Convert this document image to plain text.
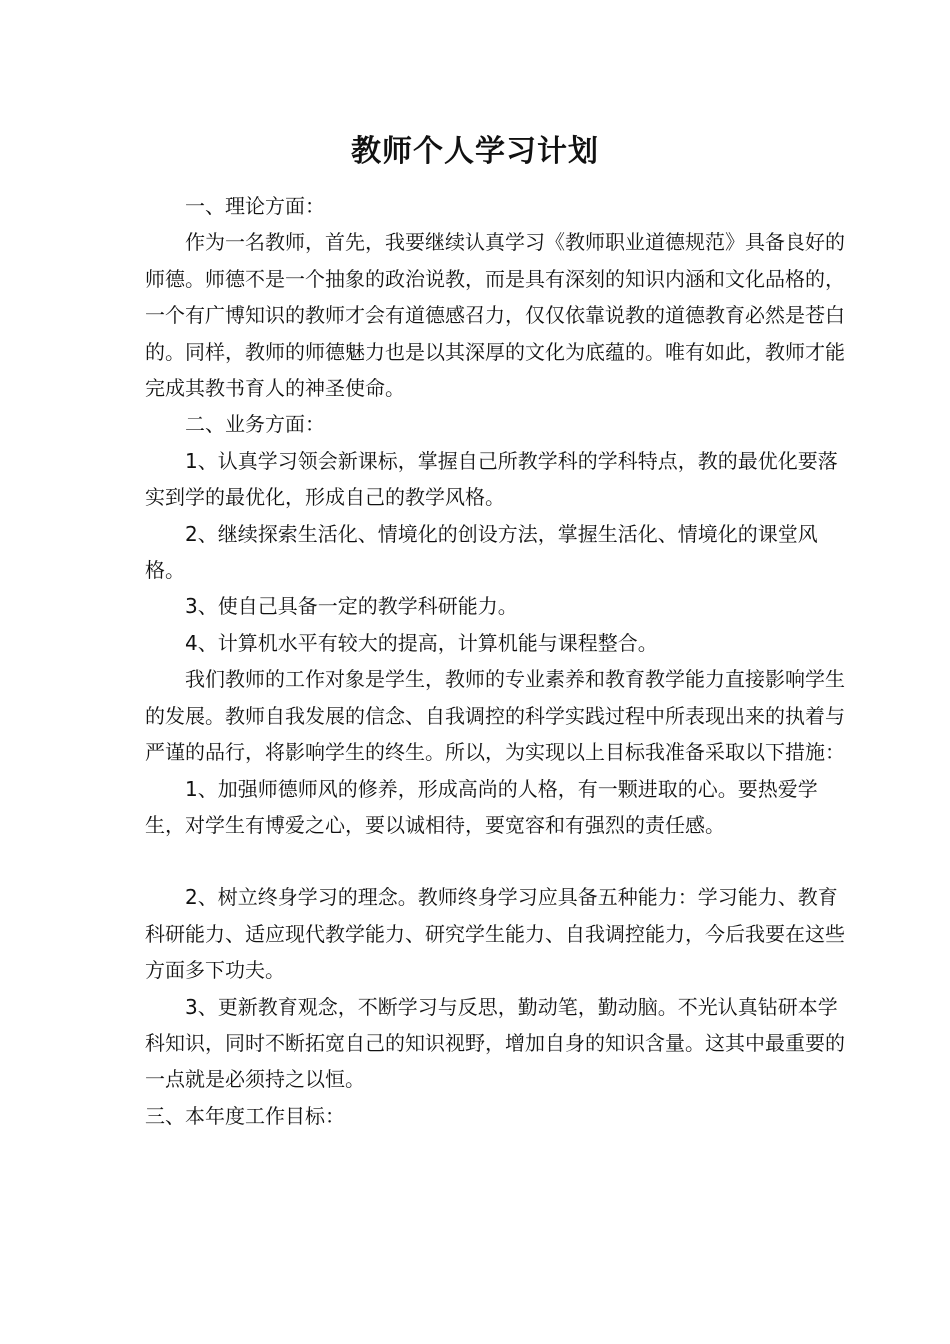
教师个人学习计划

一、理论方面：

作为一名教师，首先，我要继续认真学习《教师职业道德规范》具备良好的师德。师德不是一个抽象的政治说教，而是具有深刻的知识内涵和文化品格的，一个有广博知识的教师才会有道德感召力，仅仅依靠说教的道德教育必然是苍白的。同样，教师的师德魅力也是以其深厚的文化为底蕴的。唯有如此，教师才能完成其教书育人的神圣使命。

二、业务方面：

1、认真学习领会新课标，掌握自己所教学科的学科特点，教的最优化要落实到学的最优化，形成自己的教学风格。

2、继续探索生活化、情境化的创设方法，掌握生活化、情境化的课堂风格。

3、使自己具备一定的教学科研能力。

4、计算机水平有较大的提高，计算机能与课程整合。

我们教师的工作对象是学生，教师的专业素养和教育教学能力直接影响学生的发展。教师自我发展的信念、自我调控的科学实践过程中所表现出来的执着与严谨的品行，将影响学生的终生。所以，为实现以上目标我准备采取以下措施：

1、加强师德师风的修养，形成高尚的人格，有一颗进取的心。要热爱学生，对学生有博爱之心，要以诚相待，要宽容和有强烈的责任感。

2、树立终身学习的理念。教师终身学习应具备五种能力：学习能力、教育科研能力、适应现代教学能力、研究学生能力、自我调控能力，今后我要在这些方面多下功夫。

3、更新教育观念，不断学习与反思，勤动笔，勤动脑。不光认真钻研本学科知识，同时不断拓宽自己的知识视野，增加自身的知识含量。这其中最重要的一点就是必须持之以恒。

三、本年度工作目标：
